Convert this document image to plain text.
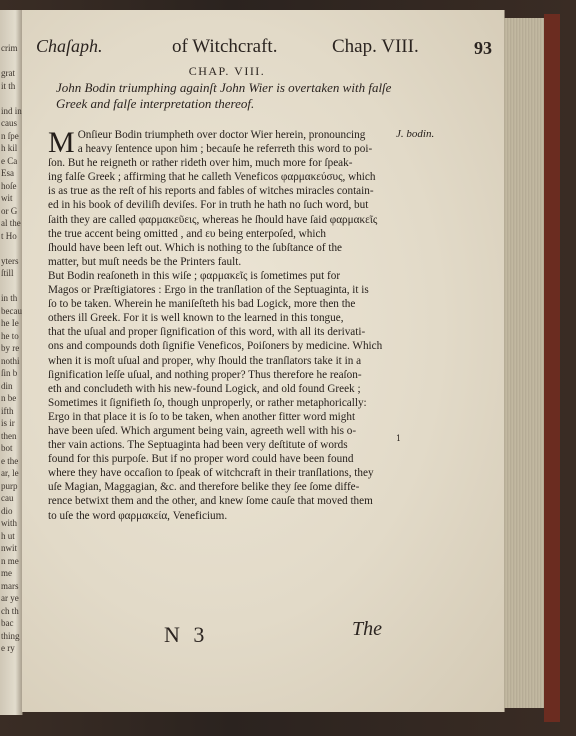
crim

grat
it th

ind in
caus
n ſpe
h kil
e Ca
Esa
hoſe
wit
or G
al the
t Ho

yters
ſtill

in th
becau
he Ie
he to
by re
nothi
ſin b
din
n be
ifth
is ir
then
bot
e the
ar, le
purp
cau
dio
with
h ut
nwit
n me
me
mars
ar ye
ch th
bac
thing
e ry
Chaſaph.	of Witchcraft.	Chap. VIII.	93
CHAP. VIII.
John Bodin triumphing againſt John Wier is overtaken with falſe
Greek and falſe interpretation thereof.
J. bodin.
M Onſieur Bodin triumpheth over doctor Wier herein, pronouncing
a heavy ſentence upon him ; becauſe he referreth this word to poi-
ſon. But he reigneth or rather rideth over him, much more for ſpeak-
ing falſe Greek ; affirming that he calleth Veneficos φαρμακεύσυς, which
is as true as the reſt of his reports and fables of witches miracles contain-
ed in his book of deviliſh deviſes. For in truth he hath no ſuch word, but
ſaith they are called φαρμακεῦεις, whereas he ſhould have ſaid φαρμακεῖς
the true accent being omitted , and ευ being enterpoſed, which
ſhould have been left out. Which is nothing to the ſubſtance of the
matter, but muſt needs be the Printers fault.
But Bodin reaſoneth in this wiſe ; φαρμακεῖς is ſometimes put for
Magos or Præſtigiatores : Ergo in the tranſlation of the Septuaginta, it is
ſo to be taken. Wherein he maniſeſteth his bad Logick, more then the
others ill Greek. For it is well known to the learned in this tongue,
that the uſual and proper ſignification of this word, with all its derivati-
ons and compounds doth ſignifie Veneficos, Poiſoners by medicine. Which
when it is moſt uſual and proper, why ſhould the tranſlators take it in a
ſignification leſſe uſual, and nothing proper? Thus therefore he reaſon-
eth and concludeth with his new-found Logick, and old found Greek ;
Sometimes it ſignifieth ſo, though unproperly, or rather metaphorically:
Ergo in that place it is ſo to be taken, when another fitter word might
have been uſed. Which argument being vain, agreeth well with his o-
ther vain actions. The Septuaginta had been very deſtitute of words
found for this purpoſe. But if no proper word could have been found
where they have occaſion to ſpeak of witchcraft in their tranſlations, they
uſe Magian, Maggagian, &c. and therefore belike they ſee ſome diffe-
rence betwixt them and the other, and knew ſome cauſe that moved them
to uſe the word φαρμακεία, Veneficium.
1
N 3	The
